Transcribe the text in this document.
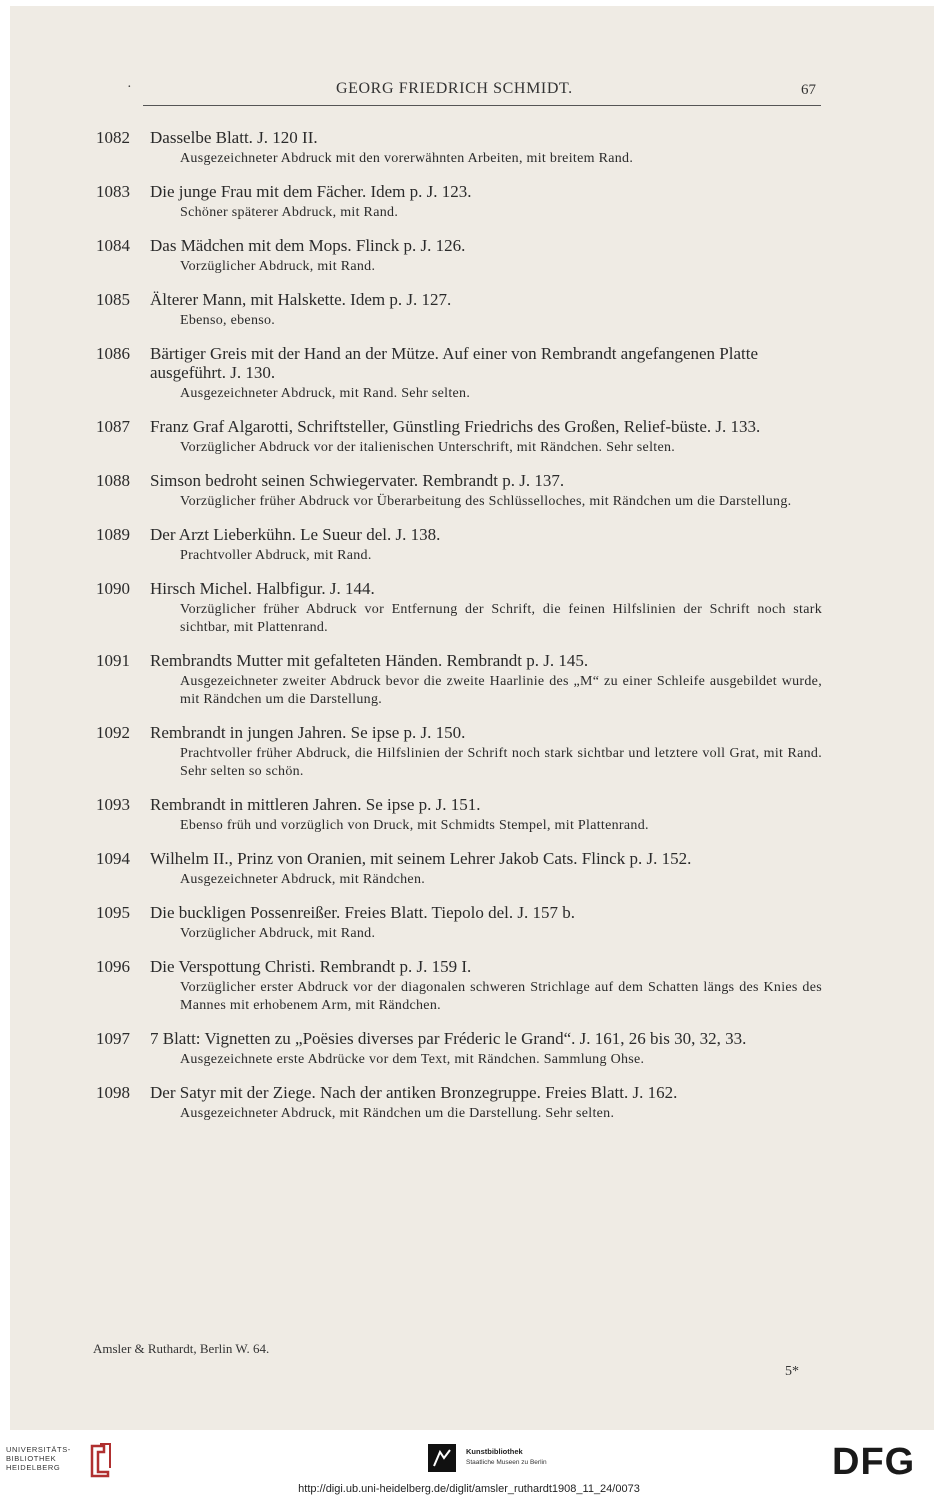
·	GEORG FRIEDRICH SCHMIDT.	67
1082	Dasselbe Blatt. J. 120 II.
Ausgezeichneter Abdruck mit den vorerwähnten Arbeiten, mit breitem Rand.
1083	Die junge Frau mit dem Fächer. Idem p. J. 123.
Schöner späterer Abdruck, mit Rand.
1084	Das Mädchen mit dem Mops. Flinck p. J. 126.
Vorzüglicher Abdruck, mit Rand.
1085	Älterer Mann, mit Halskette. Idem p. J. 127.
Ebenso, ebenso.
1086	Bärtiger Greis mit der Hand an der Mütze. Auf einer von Rembrandt angefangenen Platte ausgeführt. J. 130.
Ausgezeichneter Abdruck, mit Rand. Sehr selten.
1087	Franz Graf Algarotti, Schriftsteller, Günstling Friedrichs des Großen, Relief-büste. J. 133.
Vorzüglicher Abdruck vor der italienischen Unterschrift, mit Rändchen. Sehr selten.
1088	Simson bedroht seinen Schwiegervater. Rembrandt p. J. 137.
Vorzüglicher früher Abdruck vor Überarbeitung des Schlüsselloches, mit Rändchen um die Darstellung.
1089	Der Arzt Lieberkühn. Le Sueur del. J. 138.
Prachtvoller Abdruck, mit Rand.
1090	Hirsch Michel. Halbfigur. J. 144.
Vorzüglicher früher Abdruck vor Entfernung der Schrift, die feinen Hilfslinien der Schrift noch stark sichtbar, mit Plattenrand.
1091	Rembrandts Mutter mit gefalteten Händen. Rembrandt p. J. 145.
Ausgezeichneter zweiter Abdruck bevor die zweite Haarlinie des „M“ zu einer Schleife ausgebildet wurde, mit Rändchen um die Darstellung.
1092	Rembrandt in jungen Jahren. Se ipse p. J. 150.
Prachtvoller früher Abdruck, die Hilfslinien der Schrift noch stark sichtbar und letztere voll Grat, mit Rand. Sehr selten so schön.
1093	Rembrandt in mittleren Jahren. Se ipse p. J. 151.
Ebenso früh und vorzüglich von Druck, mit Schmidts Stempel, mit Plattenrand.
1094	Wilhelm II., Prinz von Oranien, mit seinem Lehrer Jakob Cats. Flinck p. J. 152.
Ausgezeichneter Abdruck, mit Rändchen.
1095	Die buckligen Possenreißer. Freies Blatt. Tiepolo del. J. 157 b.
Vorzüglicher Abdruck, mit Rand.
1096	Die Verspottung Christi. Rembrandt p. J. 159 I.
Vorzüglicher erster Abdruck vor der diagonalen schweren Strichlage auf dem Schatten längs des Knies des Mannes mit erhobenem Arm, mit Rändchen.
1097	7 Blatt: Vignetten zu „Poësies diverses par Fréderic le Grand“. J. 161, 26 bis 30, 32, 33.
Ausgezeichnete erste Abdrücke vor dem Text, mit Rändchen. Sammlung Ohse.
1098	Der Satyr mit der Ziege. Nach der antiken Bronzegruppe. Freies Blatt. J. 162.
Ausgezeichneter Abdruck, mit Rändchen um die Darstellung. Sehr selten.
Amsler & Ruthardt, Berlin W. 64.
5*
UNIVERSITÄTS-
BIBLIOTHEK
HEIDELBERG
Kunstbibliothek
Staatliche Museen zu Berlin	DFG
http://digi.ub.uni-heidelberg.de/diglit/amsler_ruthardt1908_11_24/0073
